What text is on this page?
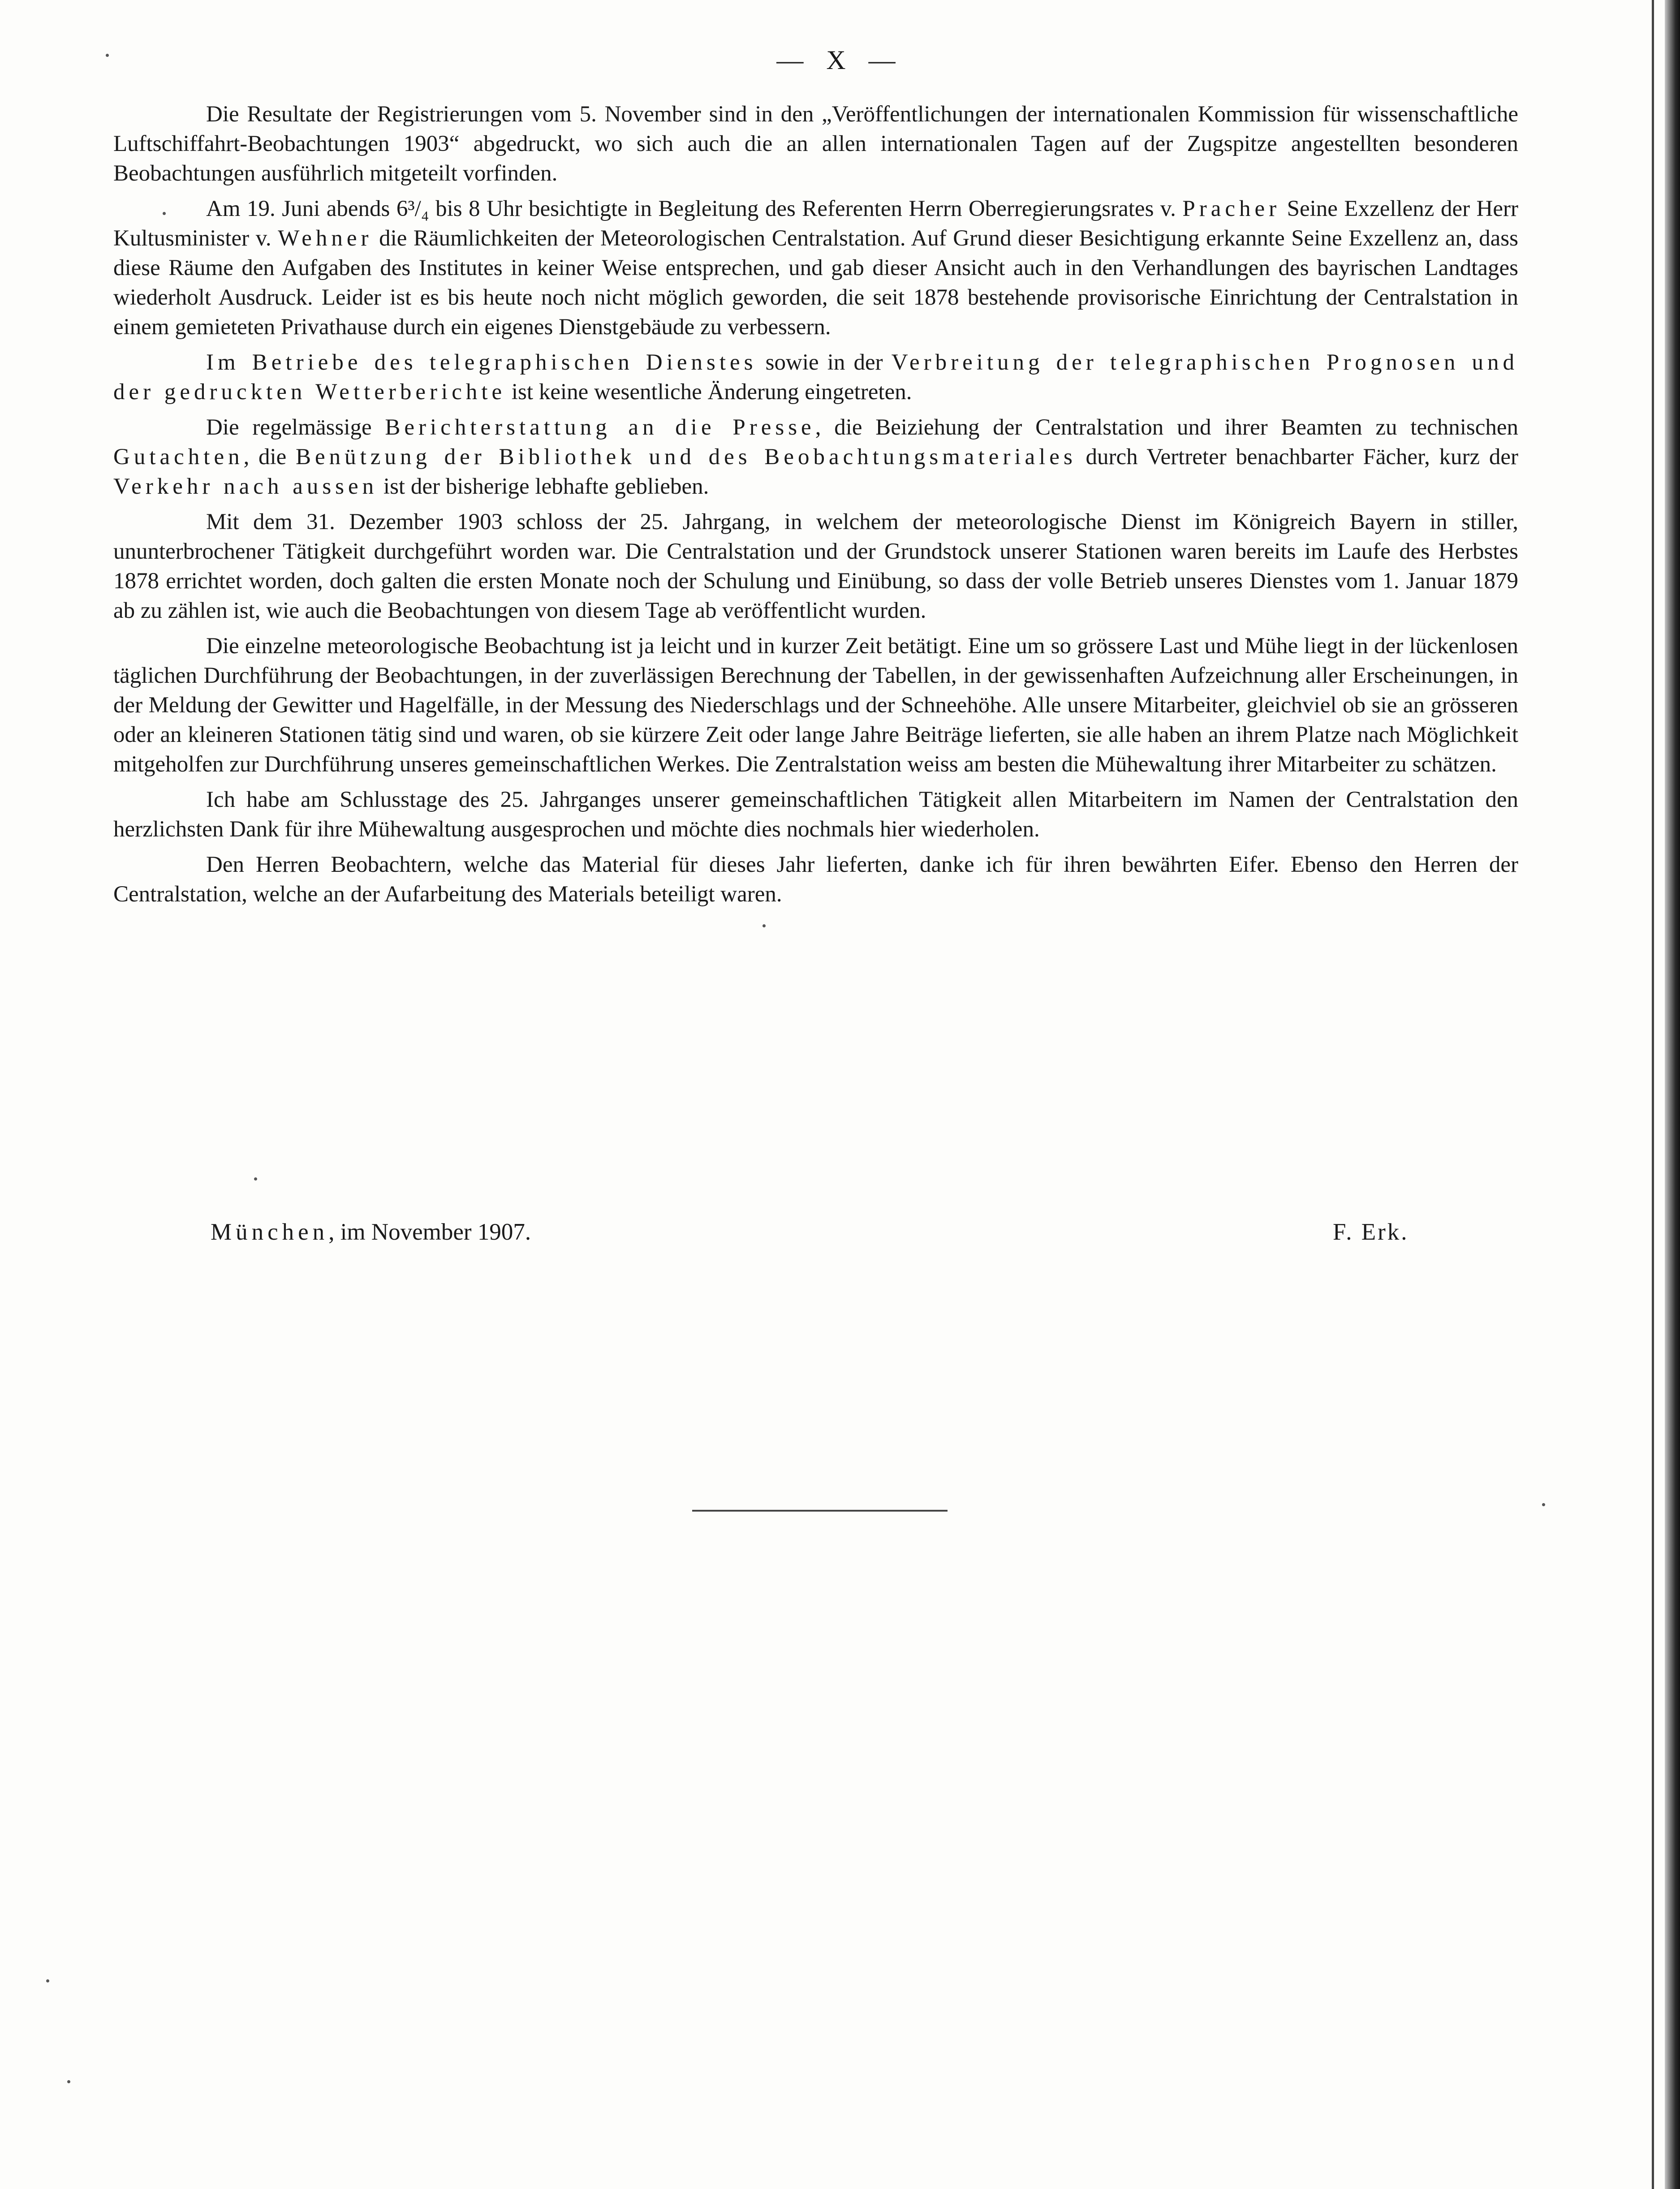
— X —

Die Resultate der Registrierungen vom 5. November sind in den „Veröffentlichungen der internationalen Kommission für wissenschaftliche Luftschiffahrt-Beobachtungen 1903“ abgedruckt, wo sich auch die an allen internationalen Tagen auf der Zugspitze angestellten besonderen Beobachtungen ausführlich mitgeteilt vorfinden.

Am 19. Juni abends 6³/₄ bis 8 Uhr besichtigte in Begleitung des Referenten Herrn Oberregierungsrates v. Pracher Seine Exzellenz der Herr Kultusminister v. Wehner die Räumlichkeiten der Meteorologischen Centralstation. Auf Grund dieser Besichtigung erkannte Seine Exzellenz an, dass diese Räume den Aufgaben des Institutes in keiner Weise entsprechen, und gab dieser Ansicht auch in den Verhandlungen des bayrischen Landtages wiederholt Ausdruck. Leider ist es bis heute noch nicht möglich geworden, die seit 1878 bestehende provisorische Einrichtung der Centralstation in einem gemieteten Privathause durch ein eigenes Dienstgebäude zu verbessern.

Im Betriebe des telegraphischen Dienstes sowie in der Verbreitung der telegraphischen Prognosen und der gedruckten Wetterberichte ist keine wesentliche Änderung eingetreten.

Die regelmässige Berichterstattung an die Presse, die Beiziehung der Centralstation und ihrer Beamten zu technischen Gutachten, die Benützung der Bibliothek und des Beobachtungsmateriales durch Vertreter benachbarter Fächer, kurz der Verkehr nach aussen ist der bisherige lebhafte geblieben.

Mit dem 31. Dezember 1903 schloss der 25. Jahrgang, in welchem der meteorologische Dienst im Königreich Bayern in stiller, ununterbrochener Tätigkeit durchgeführt worden war. Die Centralstation und der Grundstock unserer Stationen waren bereits im Laufe des Herbstes 1878 errichtet worden, doch galten die ersten Monate noch der Schulung und Einübung, so dass der volle Betrieb unseres Dienstes vom 1. Januar 1879 ab zu zählen ist, wie auch die Beobachtungen von diesem Tage ab veröffentlicht wurden.

Die einzelne meteorologische Beobachtung ist ja leicht und in kurzer Zeit betätigt. Eine um so grössere Last und Mühe liegt in der lückenlosen täglichen Durchführung der Beobachtungen, in der zuverlässigen Berechnung der Tabellen, in der gewissenhaften Aufzeichnung aller Erscheinungen, in der Meldung der Gewitter und Hagelfälle, in der Messung des Niederschlags und der Schneehöhe. Alle unsere Mitarbeiter, gleichviel ob sie an grösseren oder an kleineren Stationen tätig sind und waren, ob sie kürzere Zeit oder lange Jahre Beiträge lieferten, sie alle haben an ihrem Platze nach Möglichkeit mitgeholfen zur Durchführung unseres gemeinschaftlichen Werkes. Die Zentralstation weiss am besten die Mühewaltung ihrer Mitarbeiter zu schätzen.

Ich habe am Schlusstage des 25. Jahrganges unserer gemeinschaftlichen Tätigkeit allen Mitarbeitern im Namen der Centralstation den herzlichsten Dank für ihre Mühewaltung ausgesprochen und möchte dies nochmals hier wiederholen.

Den Herren Beobachtern, welche das Material für dieses Jahr lieferten, danke ich für ihren bewährten Eifer. Ebenso den Herren der Centralstation, welche an der Aufarbeitung des Materials beteiligt waren.

München, im November 1907.	F. Erk.
